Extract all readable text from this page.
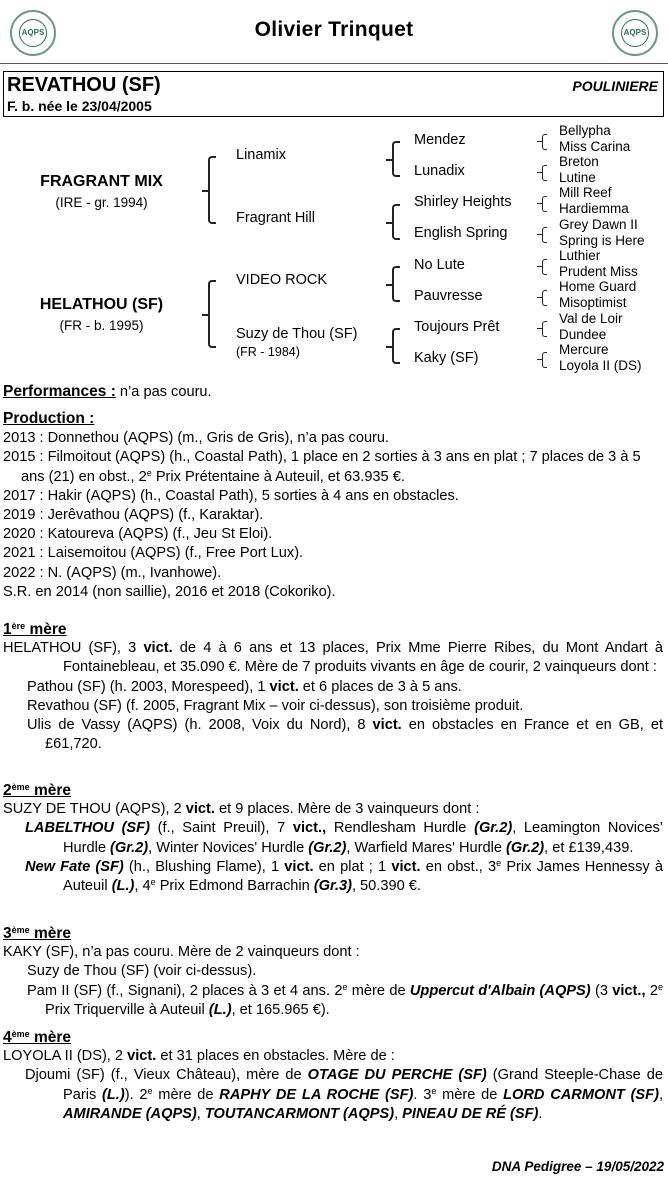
AQPS	AQPS
Olivier Trinquet
REVATHOU (SF)
F. b. née le 23/04/2005
POULINIERE
FRAGRANT MIX
(IRE - gr. 1994)
HELATHOU (SF)
(FR - b. 1995)
Linamix
Fragrant Hill
VIDEO ROCK
Suzy de Thou (SF)
(FR - 1984)
Mendez
Lunadix
Shirley Heights
English Spring
No Lute
Pauvresse
Toujours Prêt
Kaky (SF)
Bellypha
Miss Carina
Breton
Lutine
Mill Reef
Hardiemma
Grey Dawn II
Spring is Here
Luthier
Prudent Miss
Home Guard
Misoptimist
Val de Loir
Dundee
Mercure
Loyola II (DS)

Performances : n’a pas couru.

Production :

2013 : Donnethou (AQPS) (m., Gris de Gris), n’a pas couru.

2015 : Filmoitout (AQPS) (h., Coastal Path), 1 place en 2 sorties à 3 ans en plat ; 7 places de 3 à 5 ans (21) en obst., 2e Prix Prétentaine à Auteuil, et 63.935 €.

2017 : Hakir (AQPS) (h., Coastal Path), 5 sorties à 4 ans en obstacles.

2019 : Jerêvathou (AQPS) (f., Karaktar).

2020 : Katoureva (AQPS) (f., Jeu St Eloi).

2021 : Laisemoitou (AQPS) (f., Free Port Lux).

2022 : N. (AQPS) (m., Ivanhowe).

S.R. en 2014 (non saillie), 2016 et 2018 (Cokoriko).

1ère mère

HELATHOU (SF), 3 vict. de 4 à 6 ans et 13 places, Prix Mme Pierre Ribes, du Mont Andart à Fontainebleau, et 35.090 €. Mère de 7 produits vivants en âge de courir, 2 vainqueurs dont :

Pathou (SF) (h. 2003, Morespeed), 1 vict. et 6 places de 3 à 5 ans.

Revathou (SF) (f. 2005, Fragrant Mix – voir ci-dessus), son troisième produit.

Ulis de Vassy (AQPS) (h. 2008, Voix du Nord), 8 vict. en obstacles en France et en GB, et £61,720.

2ème mère

SUZY DE THOU (AQPS), 2 vict. et 9 places. Mère de 3 vainqueurs dont :

LABELTHOU (SF) (f., Saint Preuil), 7 vict., Rendlesham Hurdle (Gr.2), Leamington Novices’ Hurdle (Gr.2), Winter Novices' Hurdle (Gr.2), Warfield Mares' Hurdle (Gr.2), et £139,439.

New Fate (SF) (h., Blushing Flame), 1 vict. en plat ; 1 vict. en obst., 3e Prix James Hennessy à Auteuil (L.), 4e Prix Edmond Barrachin (Gr.3), 50.390 €.

3ème mère

KAKY (SF), n’a pas couru. Mère de 2 vainqueurs dont :

Suzy de Thou (SF) (voir ci-dessus).

Pam II (SF) (f., Signani), 2 places à 3 et 4 ans. 2e mère de Uppercut d'Albain (AQPS) (3 vict., 2e Prix Triquerville à Auteuil (L.), et 165.965 €).

4ème mère

LOYOLA II (DS), 2 vict. et 31 places en obstacles. Mère de :

Djoumi (SF) (f., Vieux Château), mère de OTAGE DU PERCHE (SF) (Grand Steeple-Chase de Paris (L.)). 2e mère de RAPHY DE LA ROCHE (SF). 3e mère de LORD CARMONT (SF), AMIRANDE (AQPS), TOUTANCARMONT (AQPS), PINEAU DE RÉ (SF).

DNA Pedigree – 19/05/2022
